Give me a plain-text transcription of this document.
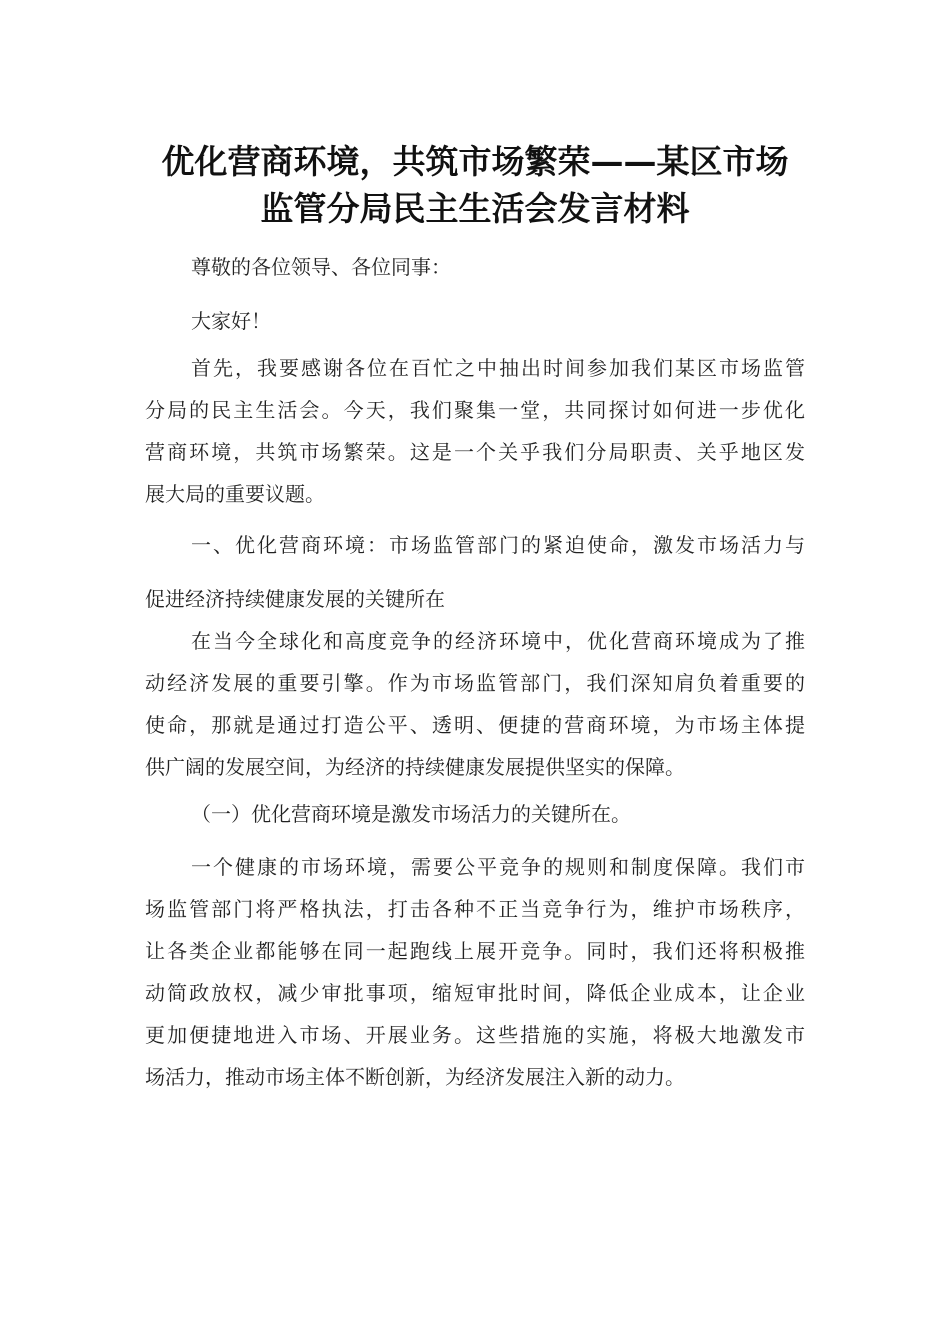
优化营商环境，共筑市场繁荣——某区市场
监管分局民主生活会发言材料

尊敬的各位领导、各位同事：

大家好！

首先，我要感谢各位在百忙之中抽出时间参加我们某区市场监管
分局的民主生活会。今天，我们聚集一堂，共同探讨如何进一步优化
营商环境，共筑市场繁荣。这是一个关乎我们分局职责、关乎地区发
展大局的重要议题。

一、优化营商环境：市场监管部门的紧迫使命，激发市场活力与
促进经济持续健康发展的关键所在

在当今全球化和高度竞争的经济环境中，优化营商环境成为了推
动经济发展的重要引擎。作为市场监管部门，我们深知肩负着重要的
使命，那就是通过打造公平、透明、便捷的营商环境，为市场主体提
供广阔的发展空间，为经济的持续健康发展提供坚实的保障。

（一）优化营商环境是激发市场活力的关键所在。

一个健康的市场环境，需要公平竞争的规则和制度保障。我们市
场监管部门将严格执法，打击各种不正当竞争行为，维护市场秩序，
让各类企业都能够在同一起跑线上展开竞争。同时，我们还将积极推
动简政放权，减少审批事项，缩短审批时间，降低企业成本，让企业
更加便捷地进入市场、开展业务。这些措施的实施，将极大地激发市
场活力，推动市场主体不断创新，为经济发展注入新的动力。
